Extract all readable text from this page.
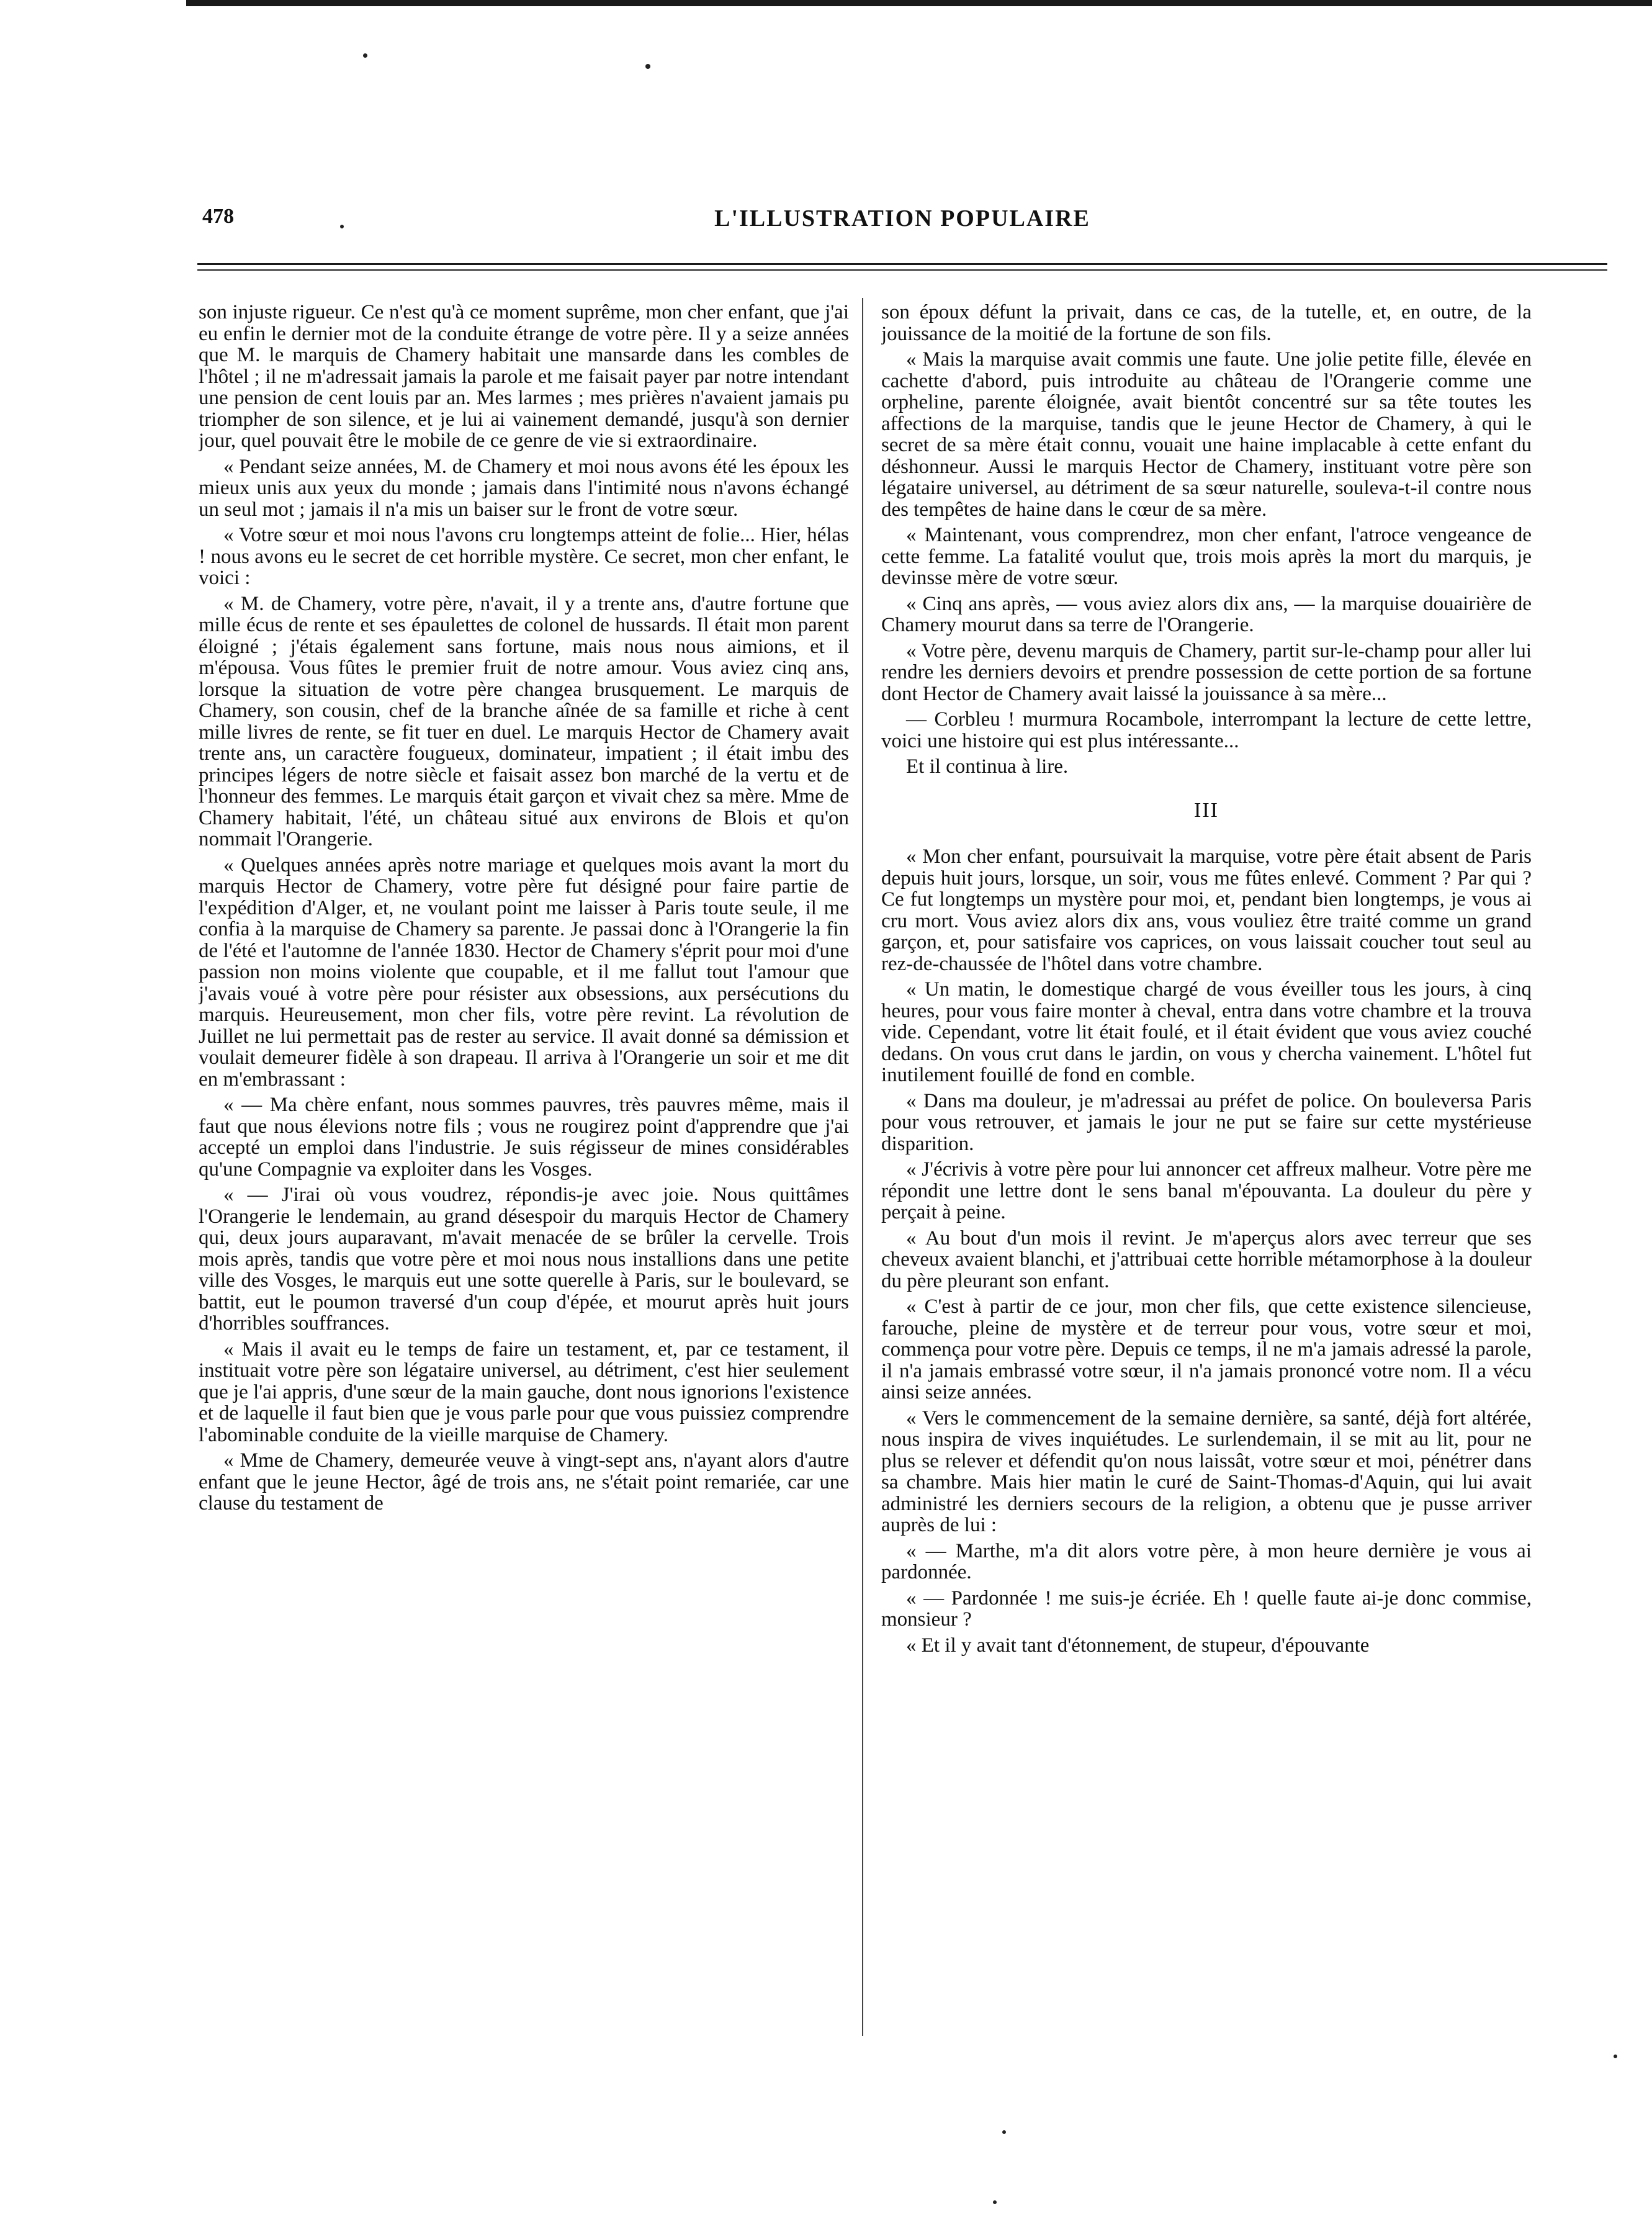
478	L'ILLUSTRATION POPULAIRE

son injuste rigueur. Ce n'est qu'à ce moment suprême, mon cher enfant, que j'ai eu enfin le dernier mot de la conduite étrange de votre père. Il y a seize années que M. le marquis de Chamery habitait une mansarde dans les combles de l'hôtel ; il ne m'adressait jamais la parole et me faisait payer par notre intendant une pension de cent louis par an. Mes larmes ; mes prières n'avaient jamais pu triompher de son silence, et je lui ai vainement demandé, jusqu'à son dernier jour, quel pouvait être le mobile de ce genre de vie si extraordinaire.

« Pendant seize années, M. de Chamery et moi nous avons été les époux les mieux unis aux yeux du monde ; jamais dans l'intimité nous n'avons échangé un seul mot ; jamais il n'a mis un baiser sur le front de votre sœur.

« Votre sœur et moi nous l'avons cru longtemps atteint de folie... Hier, hélas ! nous avons eu le secret de cet horrible mystère. Ce secret, mon cher enfant, le voici :

« M. de Chamery, votre père, n'avait, il y a trente ans, d'autre fortune que mille écus de rente et ses épaulettes de colonel de hussards. Il était mon parent éloigné ; j'étais également sans fortune, mais nous nous aimions, et il m'épousa. Vous fûtes le premier fruit de notre amour. Vous aviez cinq ans, lorsque la situation de votre père changea brusquement. Le marquis de Chamery, son cousin, chef de la branche aînée de sa famille et riche à cent mille livres de rente, se fit tuer en duel. Le marquis Hector de Chamery avait trente ans, un caractère fougueux, dominateur, impatient ; il était imbu des principes légers de notre siècle et faisait assez bon marché de la vertu et de l'honneur des femmes. Le marquis était garçon et vivait chez sa mère. Mme de Chamery habitait, l'été, un château situé aux environs de Blois et qu'on nommait l'Orangerie.

« Quelques années après notre mariage et quelques mois avant la mort du marquis Hector de Chamery, votre père fut désigné pour faire partie de l'expédition d'Alger, et, ne voulant point me laisser à Paris toute seule, il me confia à la marquise de Chamery sa parente. Je passai donc à l'Orangerie la fin de l'été et l'automne de l'année 1830. Hector de Chamery s'éprit pour moi d'une passion non moins violente que coupable, et il me fallut tout l'amour que j'avais voué à votre père pour résister aux obsessions, aux persécutions du marquis. Heureusement, mon cher fils, votre père revint. La révolution de Juillet ne lui permettait pas de rester au service. Il avait donné sa démission et voulait demeurer fidèle à son drapeau. Il arriva à l'Orangerie un soir et me dit en m'embrassant :

« — Ma chère enfant, nous sommes pauvres, très pauvres même, mais il faut que nous élevions notre fils ; vous ne rougirez point d'apprendre que j'ai accepté un emploi dans l'industrie. Je suis régisseur de mines considérables qu'une Compagnie va exploiter dans les Vosges.

« — J'irai où vous voudrez, répondis-je avec joie. Nous quittâmes l'Orangerie le lendemain, au grand désespoir du marquis Hector de Chamery qui, deux jours auparavant, m'avait menacée de se brûler la cervelle. Trois mois après, tandis que votre père et moi nous nous installions dans une petite ville des Vosges, le marquis eut une sotte querelle à Paris, sur le boulevard, se battit, eut le poumon traversé d'un coup d'épée, et mourut après huit jours d'horribles souffrances.

« Mais il avait eu le temps de faire un testament, et, par ce testament, il instituait votre père son légataire universel, au détriment, c'est hier seulement que je l'ai appris, d'une sœur de la main gauche, dont nous ignorions l'existence et de laquelle il faut bien que je vous parle pour que vous puissiez comprendre l'abominable conduite de la vieille marquise de Chamery.

« Mme de Chamery, demeurée veuve à vingt-sept ans, n'ayant alors d'autre enfant que le jeune Hector, âgé de trois ans, ne s'était point remariée, car une clause du testament de

son époux défunt la privait, dans ce cas, de la tutelle, et, en outre, de la jouissance de la moitié de la fortune de son fils.

« Mais la marquise avait commis une faute. Une jolie petite fille, élevée en cachette d'abord, puis introduite au château de l'Orangerie comme une orpheline, parente éloignée, avait bientôt concentré sur sa tête toutes les affections de la marquise, tandis que le jeune Hector de Chamery, à qui le secret de sa mère était connu, vouait une haine implacable à cette enfant du déshonneur. Aussi le marquis Hector de Chamery, instituant votre père son légataire universel, au détriment de sa sœur naturelle, souleva-t-il contre nous des tempêtes de haine dans le cœur de sa mère.

« Maintenant, vous comprendrez, mon cher enfant, l'atroce vengeance de cette femme. La fatalité voulut que, trois mois après la mort du marquis, je devinsse mère de votre sœur.

« Cinq ans après, — vous aviez alors dix ans, — la marquise douairière de Chamery mourut dans sa terre de l'Orangerie.

« Votre père, devenu marquis de Chamery, partit sur-le-champ pour aller lui rendre les derniers devoirs et prendre possession de cette portion de sa fortune dont Hector de Chamery avait laissé la jouissance à sa mère...

— Corbleu ! murmura Rocambole, interrompant la lecture de cette lettre, voici une histoire qui est plus intéressante...

Et il continua à lire.

III

« Mon cher enfant, poursuivait la marquise, votre père était absent de Paris depuis huit jours, lorsque, un soir, vous me fûtes enlevé. Comment ? Par qui ? Ce fut longtemps un mystère pour moi, et, pendant bien longtemps, je vous ai cru mort. Vous aviez alors dix ans, vous vouliez être traité comme un grand garçon, et, pour satisfaire vos caprices, on vous laissait coucher tout seul au rez-de-chaussée de l'hôtel dans votre chambre.

« Un matin, le domestique chargé de vous éveiller tous les jours, à cinq heures, pour vous faire monter à cheval, entra dans votre chambre et la trouva vide. Cependant, votre lit était foulé, et il était évident que vous aviez couché dedans. On vous crut dans le jardin, on vous y chercha vainement. L'hôtel fut inutilement fouillé de fond en comble.

« Dans ma douleur, je m'adressai au préfet de police. On bouleversa Paris pour vous retrouver, et jamais le jour ne put se faire sur cette mystérieuse disparition.

« J'écrivis à votre père pour lui annoncer cet affreux malheur. Votre père me répondit une lettre dont le sens banal m'épouvanta. La douleur du père y perçait à peine.

« Au bout d'un mois il revint. Je m'aperçus alors avec terreur que ses cheveux avaient blanchi, et j'attribuai cette horrible métamorphose à la douleur du père pleurant son enfant.

« C'est à partir de ce jour, mon cher fils, que cette existence silencieuse, farouche, pleine de mystère et de terreur pour vous, votre sœur et moi, commença pour votre père. Depuis ce temps, il ne m'a jamais adressé la parole, il n'a jamais embrassé votre sœur, il n'a jamais prononcé votre nom. Il a vécu ainsi seize années.

« Vers le commencement de la semaine dernière, sa santé, déjà fort altérée, nous inspira de vives inquiétudes. Le surlendemain, il se mit au lit, pour ne plus se relever et défendit qu'on nous laissât, votre sœur et moi, pénétrer dans sa chambre. Mais hier matin le curé de Saint-Thomas-d'Aquin, qui lui avait administré les derniers secours de la religion, a obtenu que je pusse arriver auprès de lui :

« — Marthe, m'a dit alors votre père, à mon heure dernière je vous ai pardonnée.

« — Pardonnée ! me suis-je écriée. Eh ! quelle faute ai-je donc commise, monsieur ?

« Et il y avait tant d'étonnement, de stupeur, d'épouvante
